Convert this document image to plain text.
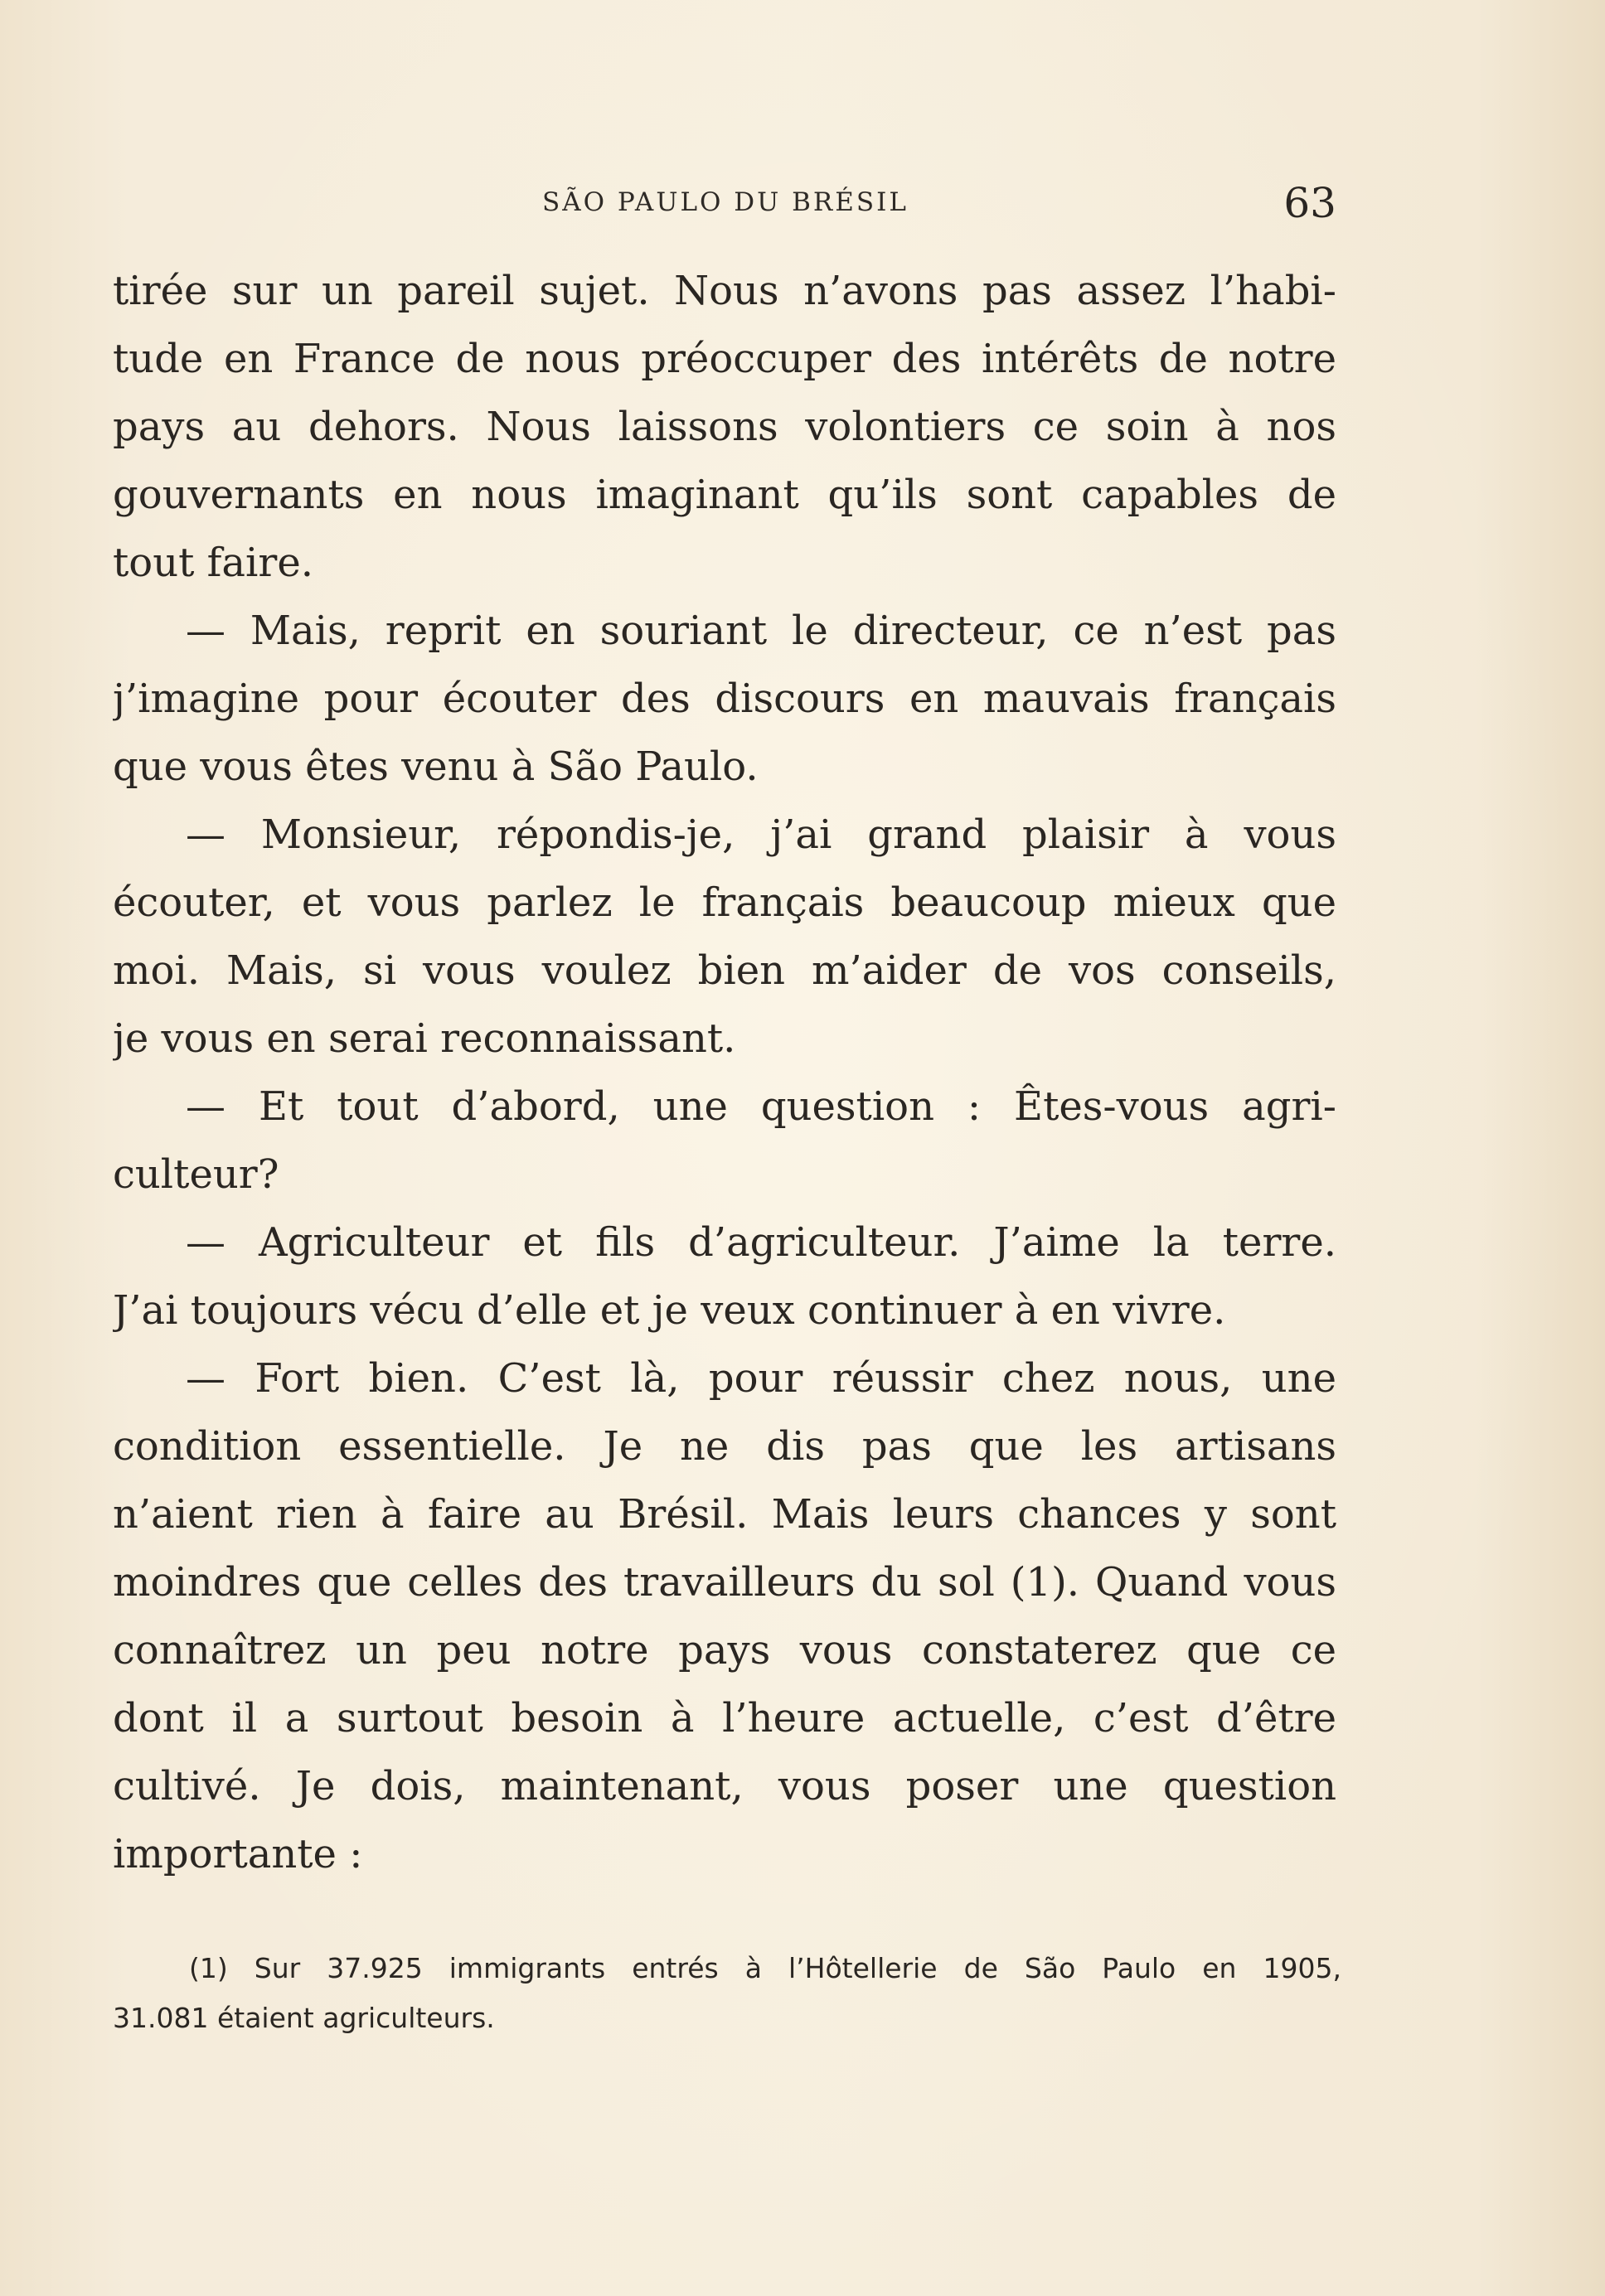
SÃO PAULO DU BRÉSIL	63
tirée sur un pareil sujet. Nous n’avons pas assez l’habi-
tude en France de nous préoccuper des intérêts de notre
pays au dehors. Nous laissons volontiers ce soin à nos
gouvernants en nous imaginant qu’ils sont capables de
tout faire.
— Mais, reprit en souriant le directeur, ce n’est pas
j’imagine pour écouter des discours en mauvais français
que vous êtes venu à São Paulo.
— Monsieur, répondis-je, j’ai grand plaisir à vous
écouter, et vous parlez le français beaucoup mieux que
moi. Mais, si vous voulez bien m’aider de vos conseils,
je vous en serai reconnaissant.
— Et tout d’abord, une question : Êtes-vous agri-
culteur?
— Agriculteur et fils d’agriculteur. J’aime la terre.
J’ai toujours vécu d’elle et je veux continuer à en vivre.
— Fort bien. C’est là, pour réussir chez nous, une
condition essentielle. Je ne dis pas que les artisans
n’aient rien à faire au Brésil. Mais leurs chances y sont
moindres que celles des travailleurs du sol (1). Quand vous
connaîtrez un peu notre pays vous constaterez que ce
dont il a surtout besoin à l’heure actuelle, c’est d’être
cultivé. Je dois, maintenant, vous poser une question
importante :
(1) Sur 37.925 immigrants entrés à l’Hôtellerie de São Paulo en 1905,
31.081 étaient agriculteurs.
